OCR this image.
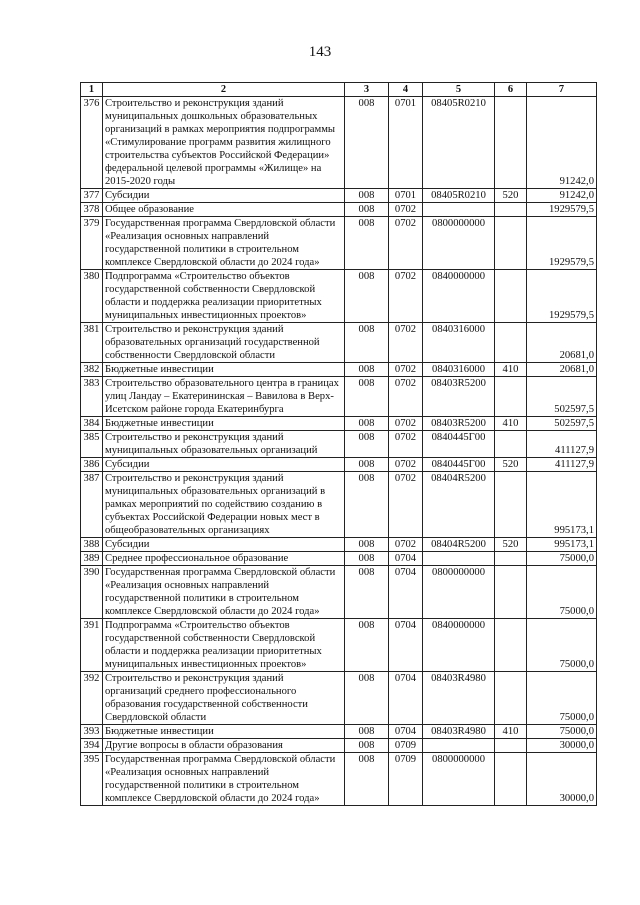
143
1	2	3	4	5	6	7
376	Строительство и реконструкция зданий муниципальных дошкольных образовательных организаций в рамках мероприятия подпрограммы «Стимулирование программ развития жилищного строительства субъектов Российской Федерации» федеральной целевой программы «Жилище» на 2015-2020 годы	008	0701	08405R0210		91242,0
377	Субсидии	008	0701	08405R0210	520	91242,0
378	Общее образование	008	0702			1929579,5
379	Государственная программа Свердловской области «Реализация основных направлений государственной политики в строительном комплексе Свердловской области до 2024 года»	008	0702	0800000000		1929579,5
380	Подпрограмма «Строительство объектов государственной собственности Свердловской области и поддержка реализации приоритетных муниципальных инвестиционных проектов»	008	0702	0840000000		1929579,5
381	Строительство и реконструкция зданий образовательных организаций государственной собственности Свердловской области	008	0702	0840316000		20681,0
382	Бюджетные инвестиции	008	0702	0840316000	410	20681,0
383	Строительство образовательного центра в границах улиц Ландау – Екатерининская – Вавилова в Верх-Исетском районе города Екатеринбурга	008	0702	08403R5200		502597,5
384	Бюджетные инвестиции	008	0702	08403R5200	410	502597,5
385	Строительство и реконструкция зданий муниципальных образовательных организаций	008	0702	0840445Г00		411127,9
386	Субсидии	008	0702	0840445Г00	520	411127,9
387	Строительство и реконструкция зданий муниципальных образовательных организаций в рамках мероприятий по содействию созданию в субъектах Российской Федерации новых мест в общеобразовательных организациях	008	0702	08404R5200		995173,1
388	Субсидии	008	0702	08404R5200	520	995173,1
389	Среднее профессиональное образование	008	0704			75000,0
390	Государственная программа Свердловской области «Реализация основных направлений государственной политики в строительном комплексе Свердловской области до 2024 года»	008	0704	0800000000		75000,0
391	Подпрограмма «Строительство объектов государственной собственности Свердловской области и поддержка реализации приоритетных муниципальных инвестиционных проектов»	008	0704	0840000000		75000,0
392	Строительство и реконструкция зданий организаций среднего профессионального образования государственной собственности Свердловской области	008	0704	08403R4980		75000,0
393	Бюджетные инвестиции	008	0704	08403R4980	410	75000,0
394	Другие вопросы в области образования	008	0709			30000,0
395	Государственная программа Свердловской области «Реализация основных направлений государственной политики в строительном комплексе Свердловской области до 2024 года»	008	0709	0800000000		30000,0
